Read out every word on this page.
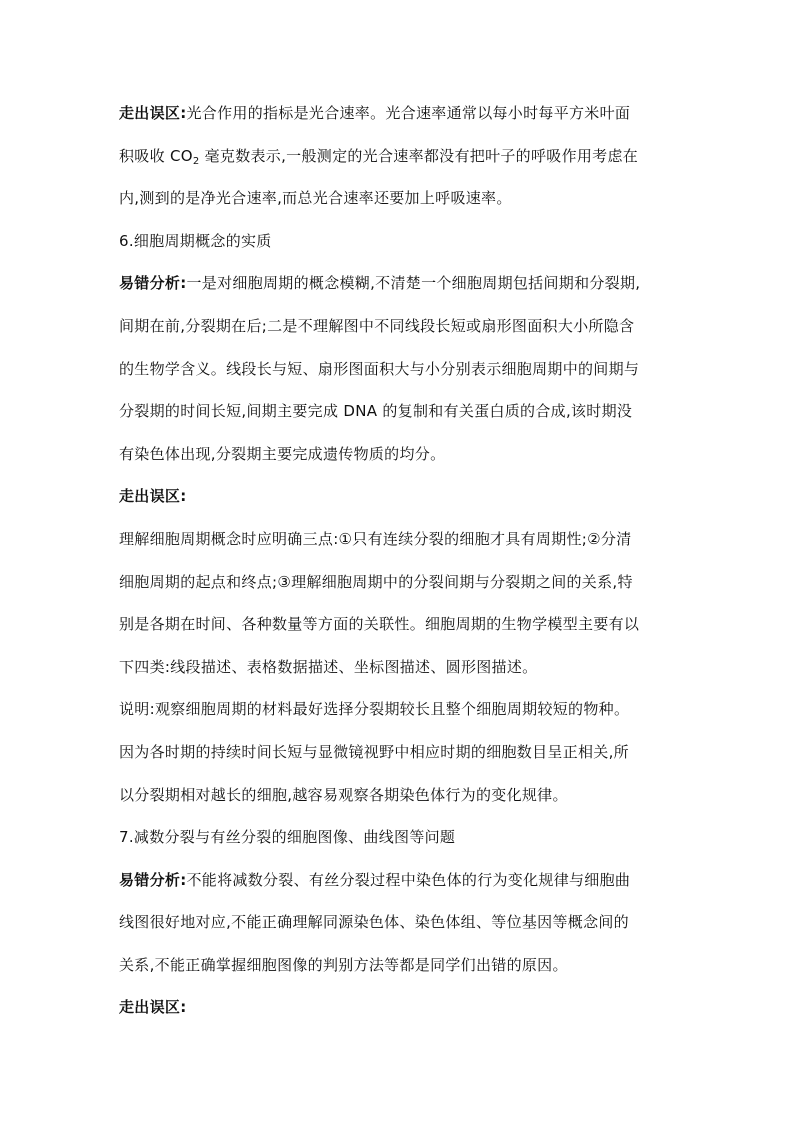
走出误区:光合作用的指标是光合速率。光合速率通常以每小时每平方米叶面
积吸收 $CO_2$ 毫克数表示,一般测定的光合速率都没有把叶子的呼吸作用考虑在
内,测到的是净光合速率,而总光合速率还要加上呼吸速率。
6.细胞周期概念的实质
易错分析:一是对细胞周期的概念模糊,不清楚一个细胞周期包括间期和分裂期,
间期在前,分裂期在后;二是不理解图中不同线段长短或扇形图面积大小所隐含
的生物学含义。线段长与短、扇形图面积大与小分别表示细胞周期中的间期与
分裂期的时间长短,间期主要完成 DNA 的复制和有关蛋白质的合成,该时期没
有染色体出现,分裂期主要完成遗传物质的均分。
走出误区:
理解细胞周期概念时应明确三点:①只有连续分裂的细胞才具有周期性;②分清
细胞周期的起点和终点;③理解细胞周期中的分裂间期与分裂期之间的关系,特
别是各期在时间、各种数量等方面的关联性。细胞周期的生物学模型主要有以
下四类:线段描述、表格数据描述、坐标图描述、圆形图描述。
说明:观察细胞周期的材料最好选择分裂期较长且整个细胞周期较短的物种。
因为各时期的持续时间长短与显微镜视野中相应时期的细胞数目呈正相关,所
以分裂期相对越长的细胞,越容易观察各期染色体行为的变化规律。
7.减数分裂与有丝分裂的细胞图像、曲线图等问题
易错分析:不能将减数分裂、有丝分裂过程中染色体的行为变化规律与细胞曲
线图很好地对应,不能正确理解同源染色体、染色体组、等位基因等概念间的
关系,不能正确掌握细胞图像的判别方法等都是同学们出错的原因。
走出误区:
